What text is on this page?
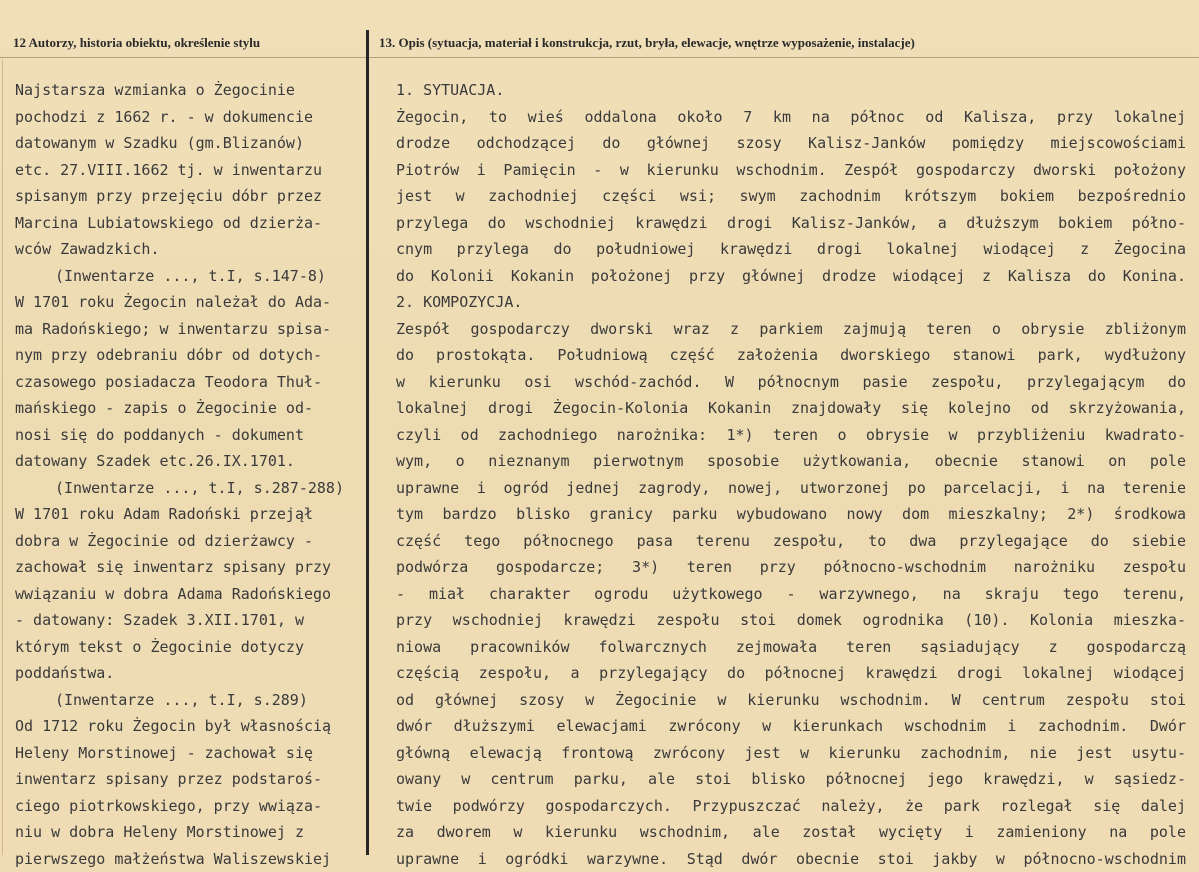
12 Autorzy, historia obiektu, określenie stylu	13. Opis (sytuacja, materiał i konstrukcja, rzut, bryła, elewacje, wnętrze wyposażenie, instalacje)
Najstarsza wzmianka o Żegocinie
pochodzi z 1662 r. - w dokumencie
datowanym w Szadku (gm.Blizanów)
etc. 27.VIII.1662 tj. w inwentarzu
spisanym przy przejęciu dóbr przez
Marcina Lubiatowskiego od dzierża-
wców Zawadzkich.
(Inwentarze ..., t.I, s.147-8)
W 1701 roku Żegocin należał do Ada-
ma Radońskiego; w inwentarzu spisa-
nym przy odebraniu dóbr od dotych-
czasowego posiadacza Teodora Thuł-
mańskiego - zapis o Żegocinie od-
nosi się do poddanych - dokument
datowany Szadek etc.26.IX.1701.
(Inwentarze ..., t.I, s.287-288)
W 1701 roku Adam Radoński przejął
dobra w Żegocinie od dzierżawcy -
zachował się inwentarz spisany przy
wwiązaniu w dobra Adama Radońskiego
- datowany: Szadek 3.XII.1701, w
którym tekst o Żegocinie dotyczy
poddaństwa.
(Inwentarze ..., t.I, s.289)
Od 1712 roku Żegocin był własnością
Heleny Morstinowej - zachował się
inwentarz spisany przez podstaroś-
ciego piotrkowskiego, przy wwiąza-
niu w dobra Heleny Morstinowej z
pierwszego małżeństwa Waliszewskiej
1. SYTUACJA.
Żegocin, to wieś oddalona około 7 km na północ od Kalisza, przy lokalnej
drodze odchodzącej do głównej szosy Kalisz-Janków pomiędzy miejscowościami
Piotrów i Pamięcin - w kierunku wschodnim. Zespół gospodarczy dworski położony
jest w zachodniej części wsi; swym zachodnim krótszym bokiem bezpośrednio
przylega do wschodniej krawędzi drogi Kalisz-Janków, a dłuższym bokiem półno-
cnym przylega do południowej krawędzi drogi lokalnej wiodącej z Żegocina
do Kolonii Kokanin położonej przy głównej drodze wiodącej z Kalisza do Konina.
2. KOMPOZYCJA.
Zespół gospodarczy dworski wraz z parkiem zajmują teren o obrysie zbliżonym
do prostokąta. Południową część założenia dworskiego stanowi park, wydłużony
w kierunku osi wschód-zachód. W północnym pasie zespołu, przylegającym do
lokalnej drogi Żegocin-Kolonia Kokanin znajdowały się kolejno od skrzyżowania,
czyli od zachodniego narożnika: 1*) teren o obrysie w przybliżeniu kwadrato-
wym, o nieznanym pierwotnym sposobie użytkowania, obecnie stanowi on pole
uprawne i ogród jednej zagrody, nowej, utworzonej po parcelacji, i na terenie
tym bardzo blisko granicy parku wybudowano nowy dom mieszkalny; 2*) środkowa
część tego północnego pasa terenu zespołu, to dwa przylegające do siebie
podwórza gospodarcze; 3*) teren przy północno-wschodnim narożniku zespołu
- miał charakter ogrodu użytkowego - warzywnego, na skraju tego terenu,
przy wschodniej krawędzi zespołu stoi domek ogrodnika (10). Kolonia mieszka-
niowa pracowników folwarcznych zejmowała teren sąsiadujący z gospodarczą
częścią zespołu, a przylegający do północnej krawędzi drogi lokalnej wiodącej
od głównej szosy w Żegocinie w kierunku wschodnim. W centrum zespołu stoi
dwór dłuższymi elewacjami zwrócony w kierunkach wschodnim i zachodnim. Dwór
główną elewacją frontową zwrócony jest w kierunku zachodnim, nie jest usytu-
owany w centrum parku, ale stoi blisko północnej jego krawędzi, w sąsiedz-
twie podwórzy gospodarczych. Przypuszczać należy, że park rozlegał się dalej
za dworem w kierunku wschodnim, ale został wycięty i zamieniony na pole
uprawne i ogródki warzywne. Stąd dwór obecnie stoi jakby w północno-wschodnim
